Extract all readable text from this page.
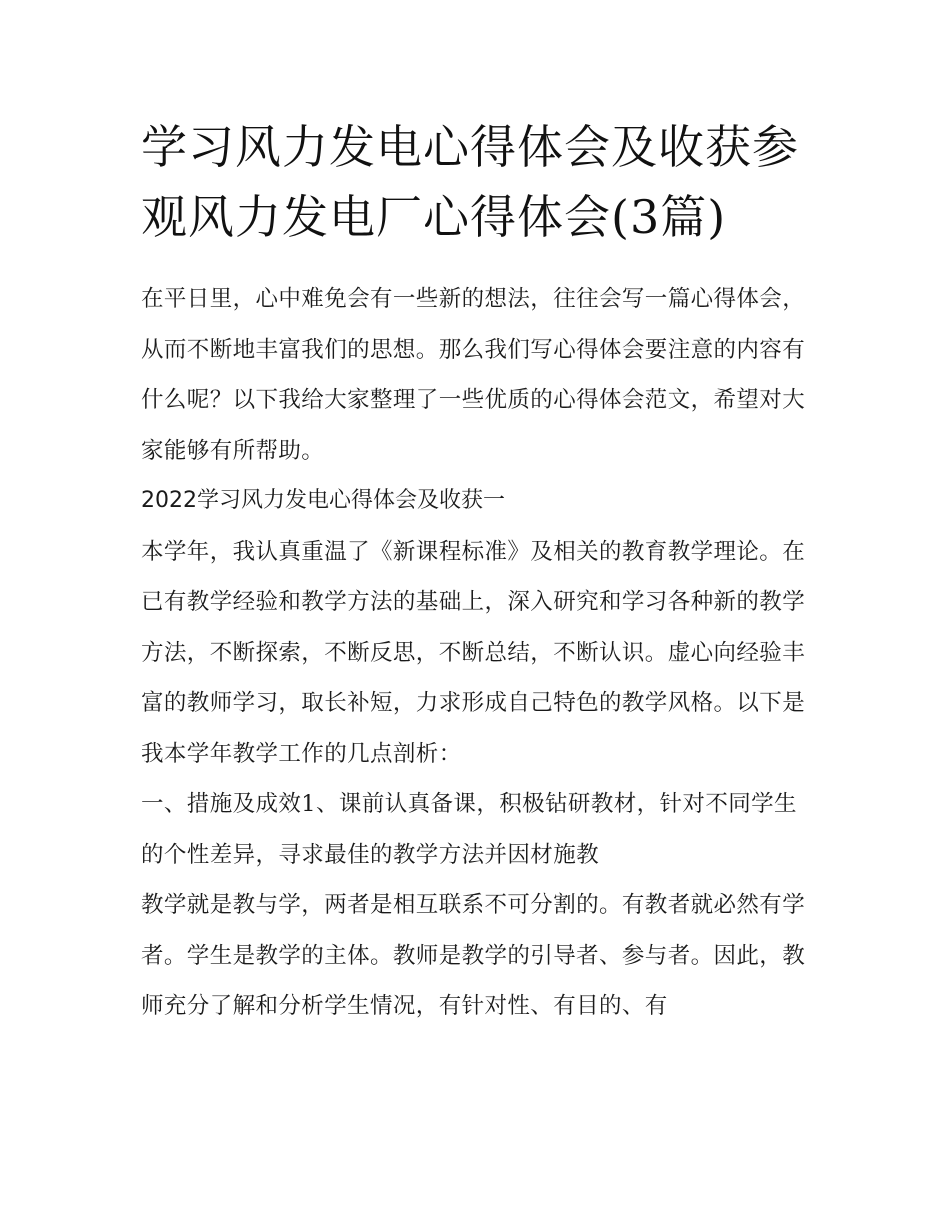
学习风力发电心得体会及收获参观风力发电厂心得体会(3篇)

在平日里，心中难免会有一些新的想法，往往会写一篇心得体会，从而不断地丰富我们的思想。那么我们写心得体会要注意的内容有什么呢？以下我给大家整理了一些优质的心得体会范文，希望对大家能够有所帮助。

2022学习风力发电心得体会及收获一

本学年，我认真重温了《新课程标准》及相关的教育教学理论。在已有教学经验和教学方法的基础上，深入研究和学习各种新的教学方法，不断探索，不断反思，不断总结，不断认识。虚心向经验丰富的教师学习，取长补短，力求形成自己特色的教学风格。以下是我本学年教学工作的几点剖析：

一、措施及成效1、课前认真备课，积极钻研教材，针对不同学生的个性差异，寻求最佳的教学方法并因材施教

教学就是教与学，两者是相互联系不可分割的。有教者就必然有学者。学生是教学的主体。教师是教学的引导者、参与者。因此，教师充分了解和分析学生情况，有针对性、有目的、有
